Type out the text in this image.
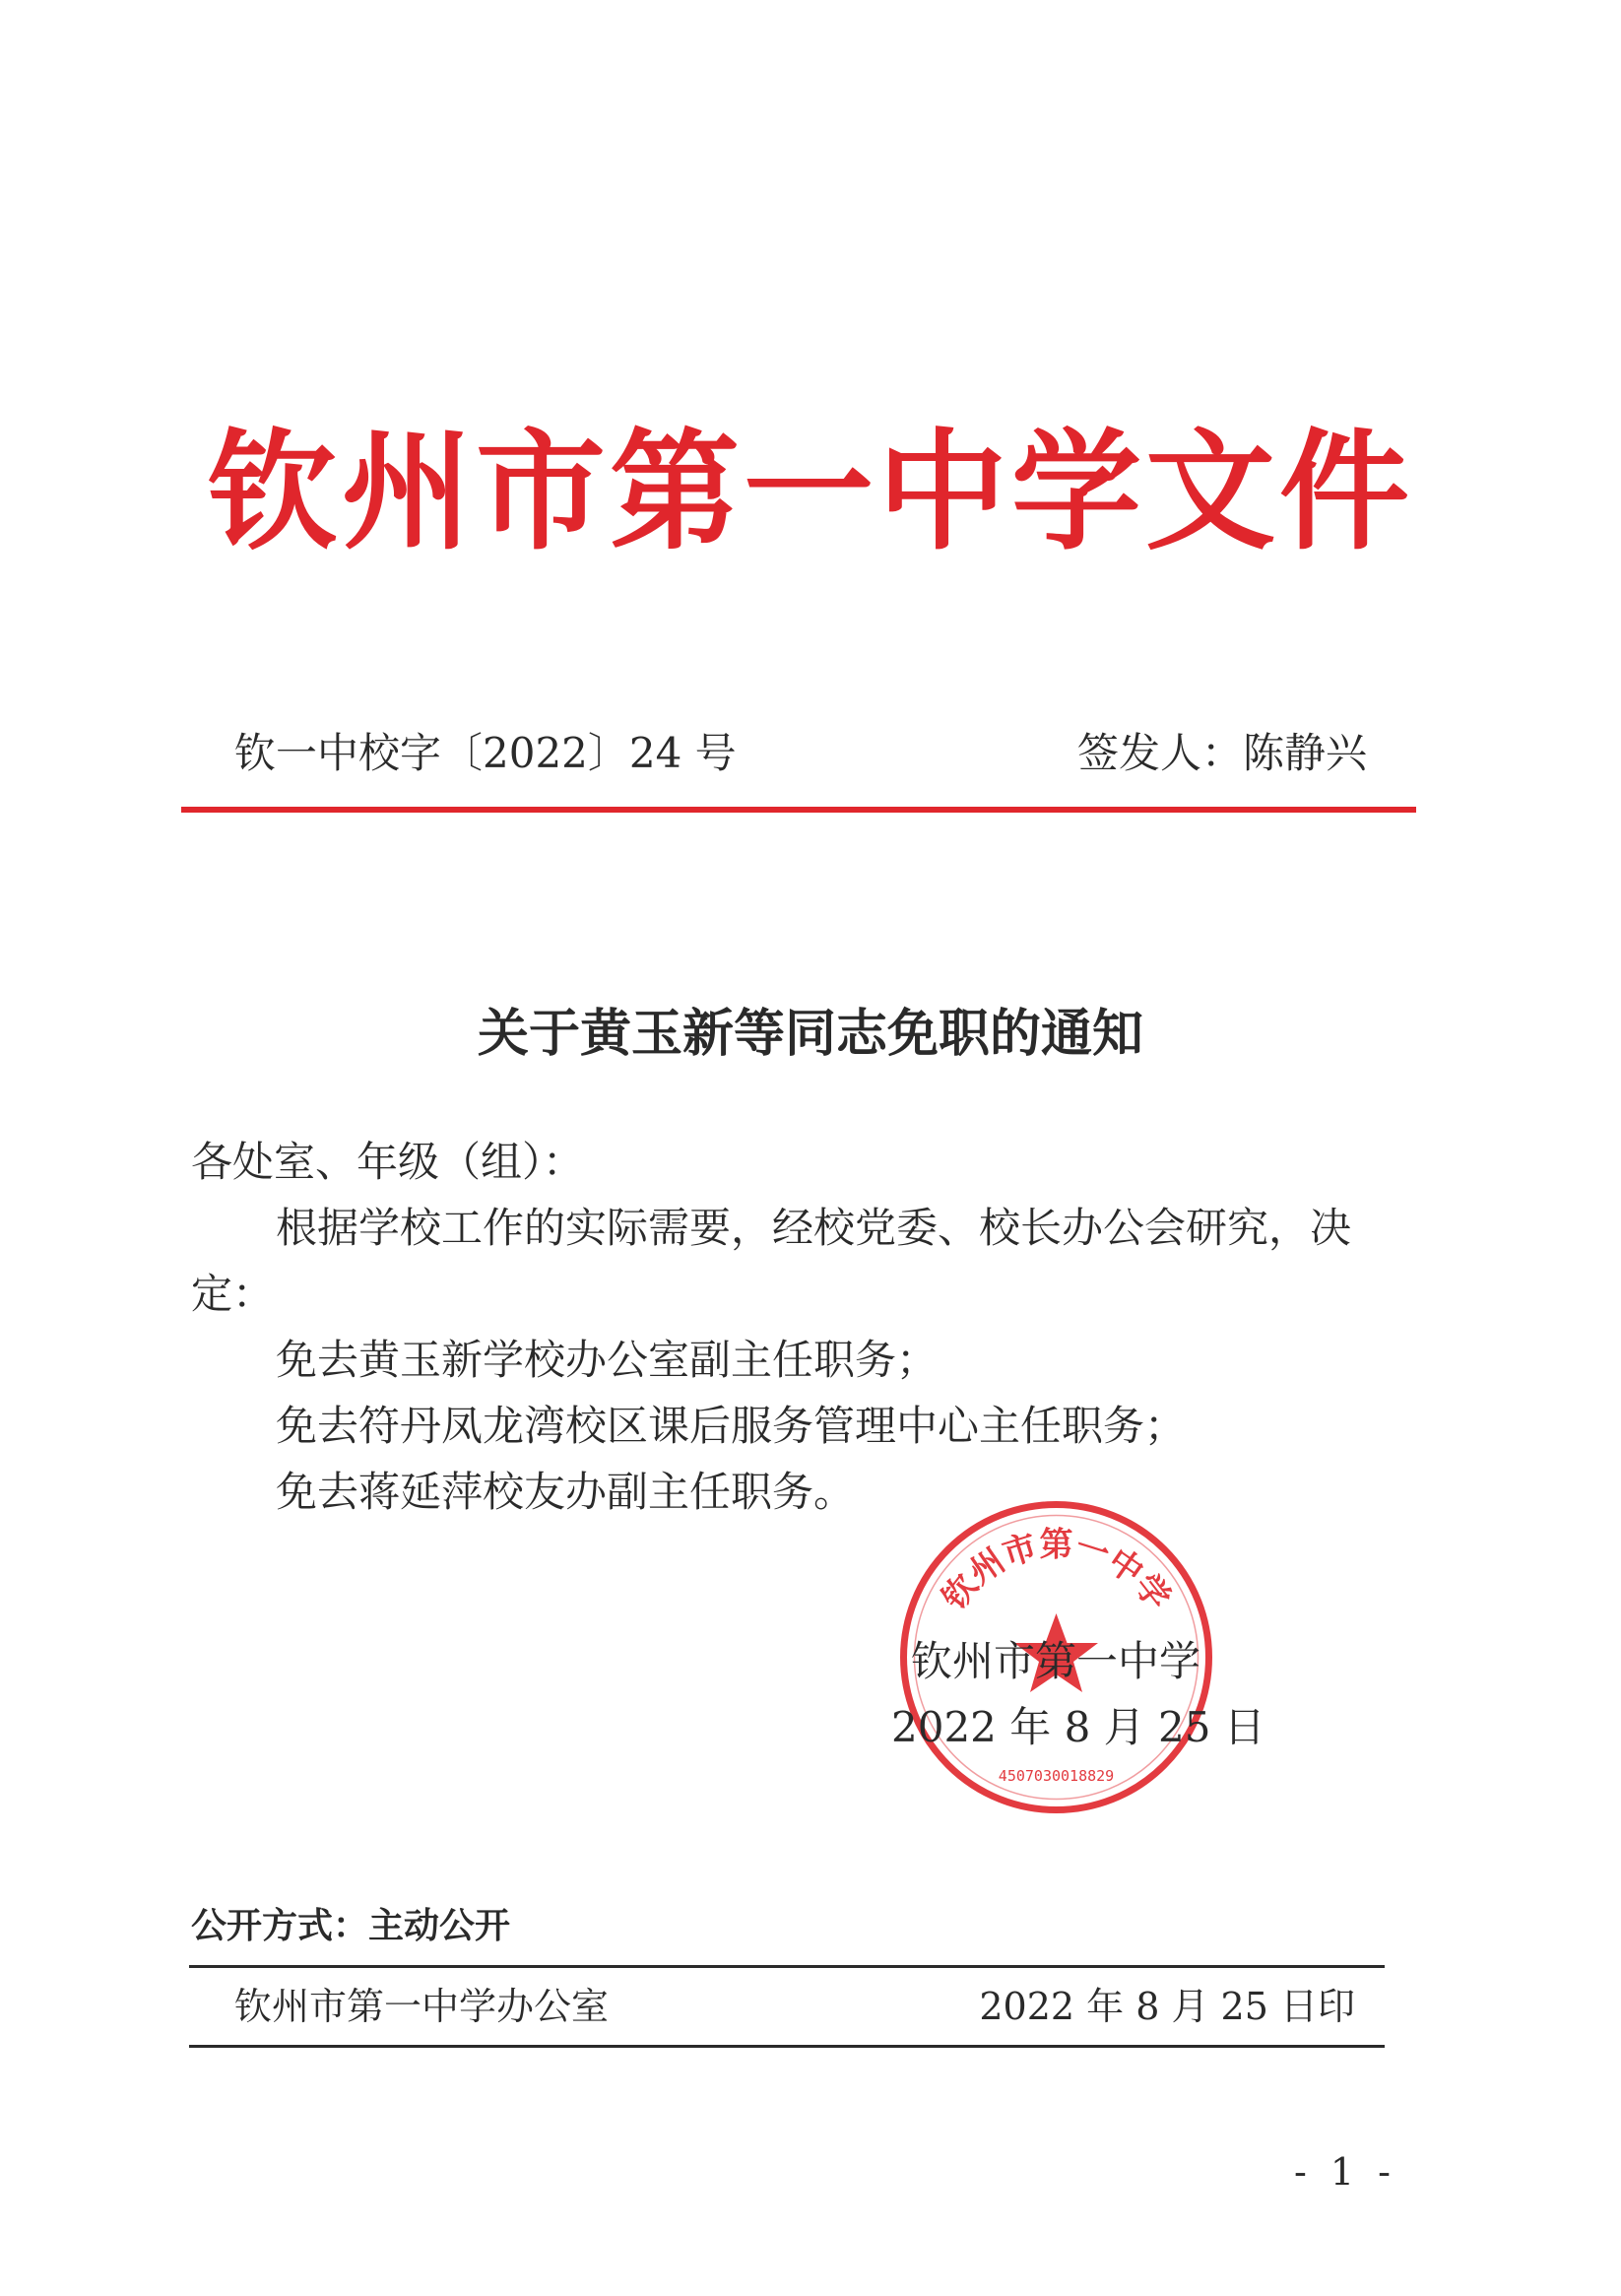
钦州市第一中学文件
钦一中校字〔2022〕24 号	签发人：陈静兴
关于黄玉新等同志免职的通知
各处室、年级（组）：
根据学校工作的实际需要，经校党委、校长办公会研究，决
定：
免去黄玉新学校办公室副主任职务；
免去符丹凤龙湾校区课后服务管理中心主任职务；
免去蒋延萍校友办副主任职务。
钦州市第一中学
4507030018829
钦州市第一中学
2022 年 8 月 25 日
公开方式：主动公开
钦州市第一中学办公室	2022 年 8 月 25 日印
- 1 -
